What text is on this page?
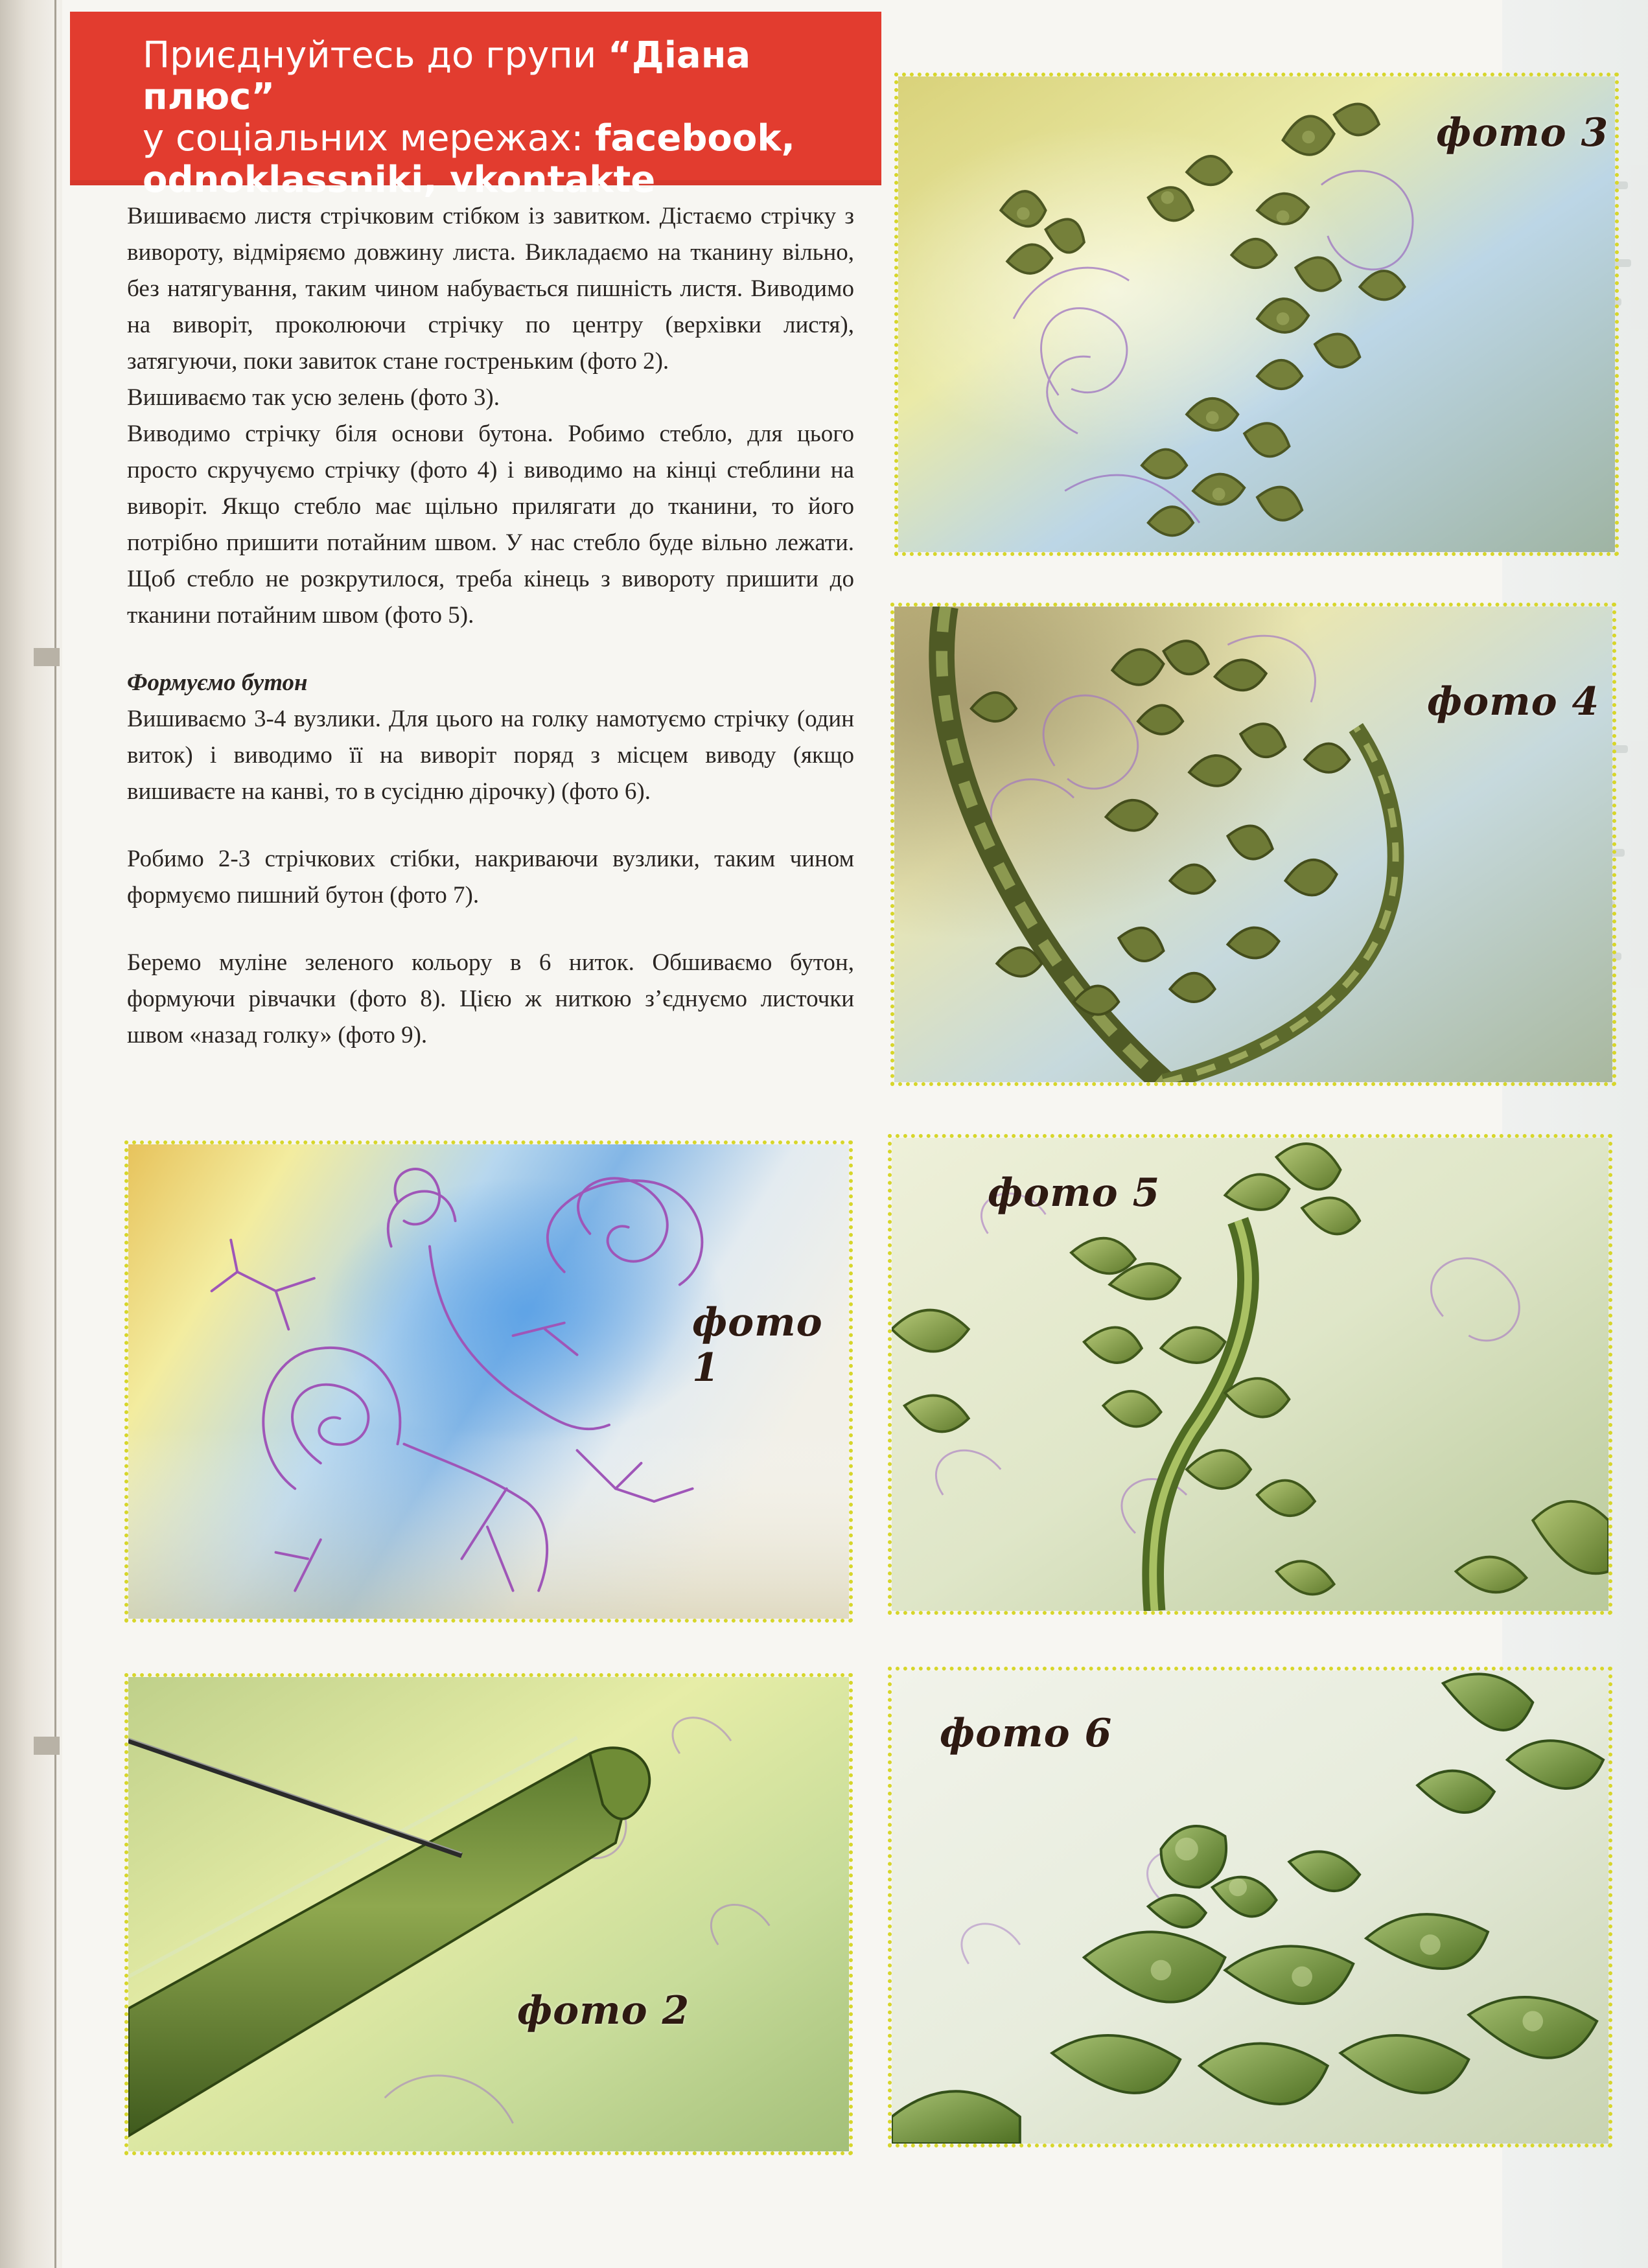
Приєднуйтесь до групи “Діана плюс”
у соціальних мережах: facebook,
odnoklassniki, vkontakte

Вишиваємо листя стрічковим стібком із завитком. Дістаємо стрічку з вивороту, відміряємо довжину листа. Викладаємо на тканину вільно, без натягування, таким чином набувається пишність листя. Виводимо на виворіт, проколюючи стрічку по центру (верхівки листя), затягуючи, поки завиток стане гостреньким (фото 2).

Вишиваємо так усю зелень (фото 3).

Виводимо стрічку біля основи бутона. Робимо стебло, для цього просто скручуємо стрічку (фото 4) і виводимо на кінці стеблини на виворіт. Якщо стебло має щільно прилягати до тканини, то його потрібно пришити потайним швом. У нас стебло буде вільно лежати. Щоб стебло не розкрутилося, треба кінець з вивороту пришити до тканини потайним швом (фото 5).

Формуємо бутон

Вишиваємо 3-4 вузлики. Для цього на голку намотуємо стрічку (один виток) і виводимо її на виворіт поряд з місцем виводу (якщо вишиваєте на канві, то в сусідню дірочку) (фото 6).

Робимо 2-3 стрічкових стібки, накриваючи вузлики, таким чином формуємо пишний бутон (фото 7).

Беремо муліне зеленого кольору в 6 ниток. Обшиваємо бутон, формуючи рівчачки (фото 8). Цією ж ниткою з’єднуємо листочки швом «назад голку» (фото 9).

фото 3
фото 4
фото 1
фото 5
фото 2
фото 6
